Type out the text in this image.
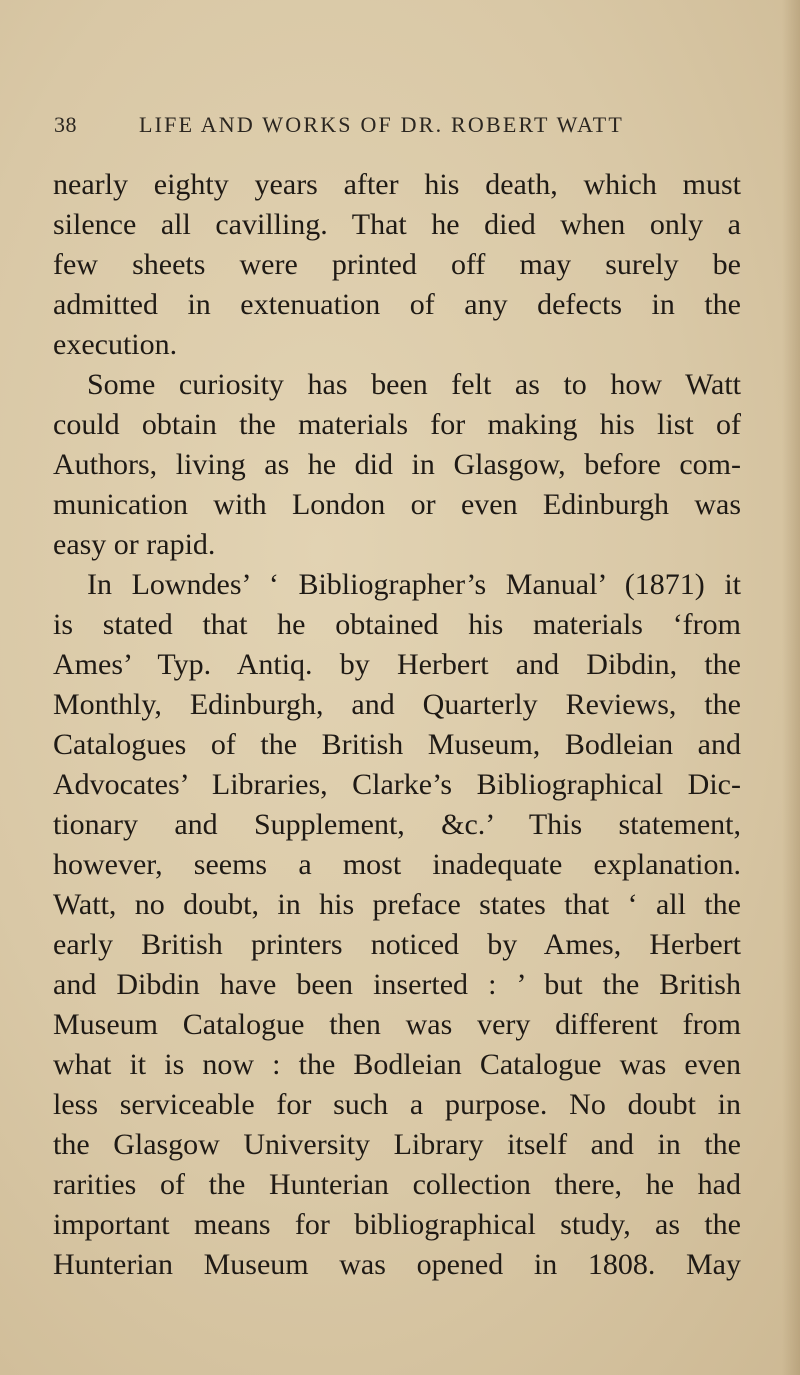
38	LIFE AND WORKS OF DR. ROBERT WATT
nearly eighty years after his death, which must
silence all cavilling. That he died when only a
few sheets were printed off may surely be
admitted in extenuation of any defects in the
execution.
Some curiosity has been felt as to how Watt
could obtain the materials for making his list of
Authors, living as he did in Glasgow, before com-
munication with London or even Edinburgh was
easy or rapid.
In Lowndes’ ‘ Bibliographer’s Manual’ (1871) it
is stated that he obtained his materials ‘from
Ames’ Typ. Antiq. by Herbert and Dibdin, the
Monthly, Edinburgh, and Quarterly Reviews, the
Catalogues of the British Museum, Bodleian and
Advocates’ Libraries, Clarke’s Bibliographical Dic-
tionary and Supplement, &c.’ This statement,
however, seems a most inadequate explanation.
Watt, no doubt, in his preface states that ‘ all the
early British printers noticed by Ames, Herbert
and Dibdin have been inserted : ’ but the British
Museum Catalogue then was very different from
what it is now : the Bodleian Catalogue was even
less serviceable for such a purpose. No doubt in
the Glasgow University Library itself and in the
rarities of the Hunterian collection there, he had
important means for bibliographical study, as the
Hunterian Museum was opened in 1808. May
